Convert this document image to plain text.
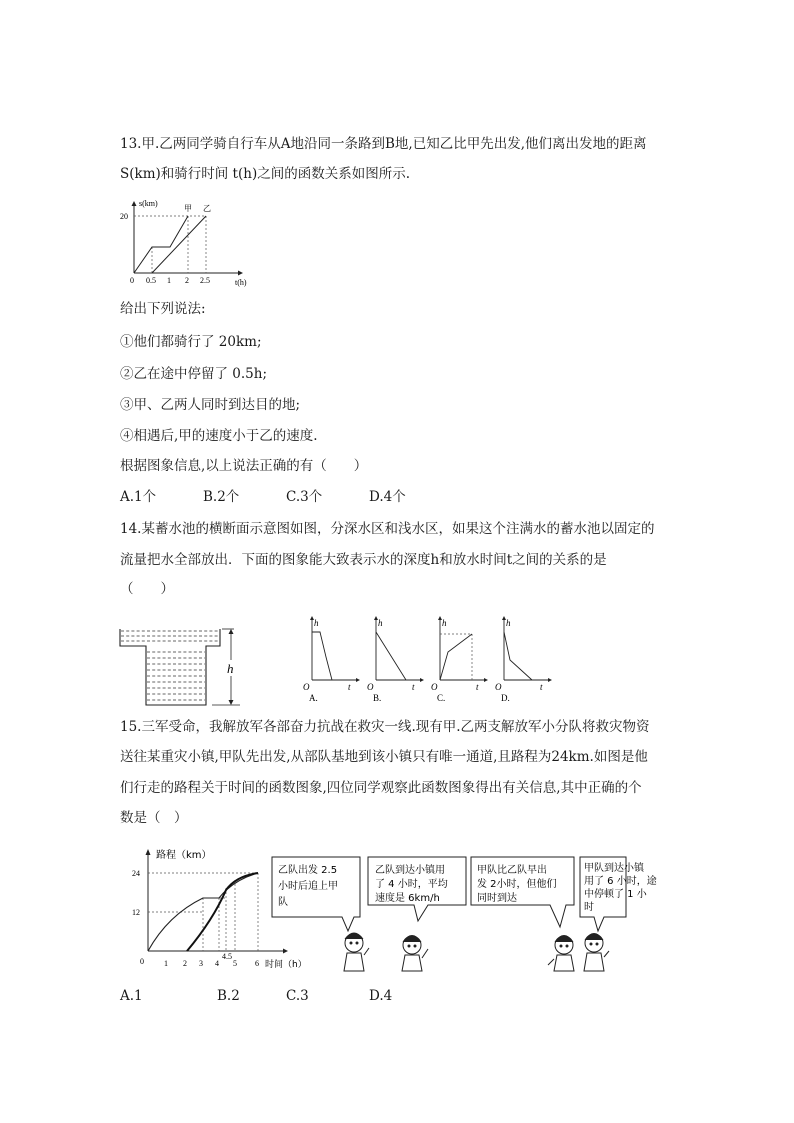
13.甲.乙两同学骑自行车从A地沿同一条路到B地,已知乙比甲先出发,他们离出发地的距离
S(km)和骑行时间 t(h)之间的函数关系如图所示.
s(km)
t(h)
20
0 0.5 1 2 2.5
甲 乙
给出下列说法:
①他们都骑行了 20km;
②乙在途中停留了 0.5h;
③甲、乙两人同时到达目的地;
④相遇后,甲的速度小于乙的速度.
根据图象信息,以上说法正确的有（　　）
A.1个	B.2个	C.3个	D.4个
14.某蓄水池的横断面示意图如图，分深水区和浅水区，如果这个注满水的蓄水池以固定的
流量把水全部放出．下面的图象能大致表示水的深度h和放水时间t之间的关系的是
（　　）
h
h
t
O
A.
h
t
O
B.
h
t
O
C.
h
t
O
D.
15.三军受命，我解放军各部奋力抗战在救灾一线.现有甲.乙两支解放军小分队将救灾物资
送往某重灾小镇,甲队先出发,从部队基地到该小镇只有唯一通道,且路程为24km.如图是他
们行走的路程关于时间的函数图象,四位同学观察此函数图象得出有关信息,其中正确的个
数是（　）
路程（km）
时间（h）
24
12
0	1 2 3 4
4.5
5 6
乙队出发 2.5
小时后追上甲
队
乙队到达小镇用
了 4 小时，平均
速度是 6km/h
甲队比乙队早出
发 2小时，但他们
同时到达
甲队到达小镇
用了 6 小时，途
中停顿了 1 小
时
A.1	B.2	C.3	D.4
